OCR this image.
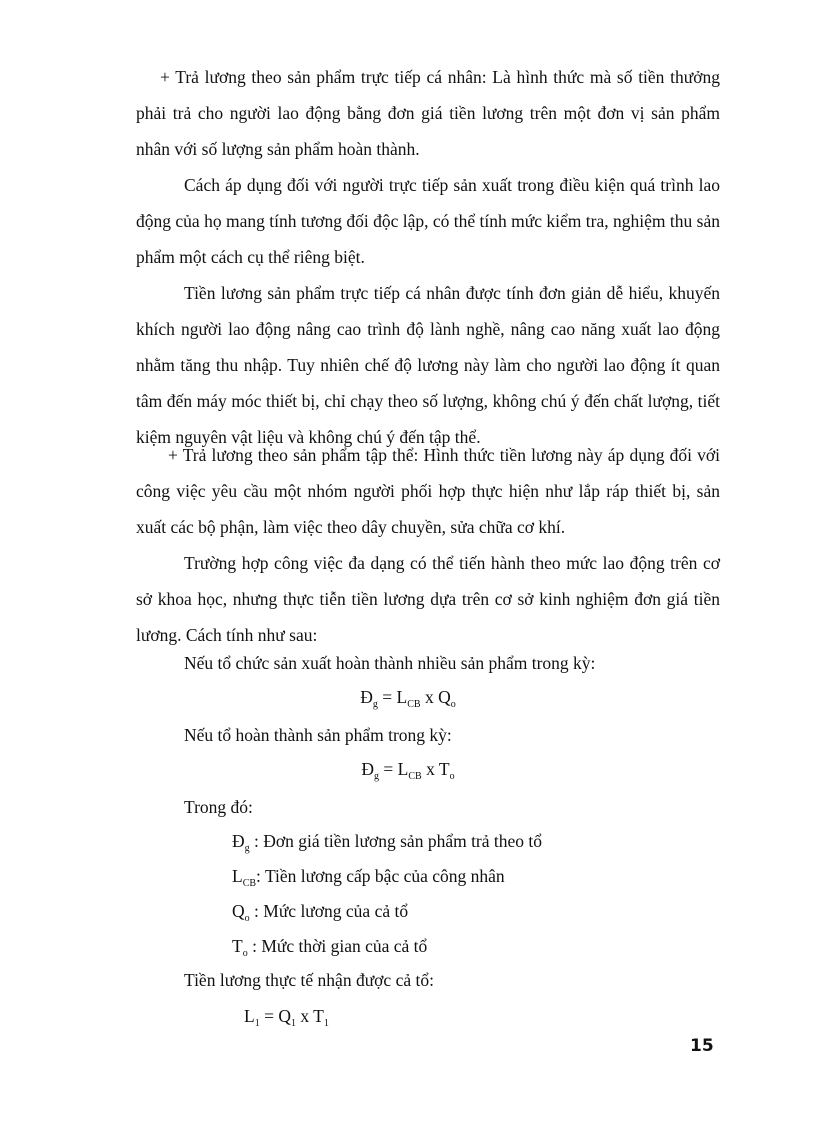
+ Trả lương theo sản phẩm trực tiếp cá nhân: Là hình thức mà số tiền thưởng phải trả cho người lao động bằng đơn giá tiền lương trên một đơn vị sản phẩm nhân với số lượng sản phẩm hoàn thành.

Cách áp dụng đối với người trực tiếp sản xuất trong điều kiện quá trình lao động của họ mang tính tương đối độc lập, có thể tính mức kiểm tra, nghiệm thu sản phẩm một cách cụ thể riêng biệt.

Tiền lương sản phẩm trực tiếp cá nhân được tính đơn giản dễ hiểu, khuyến khích người lao động nâng cao trình độ lành nghề, nâng cao năng xuất lao động nhằm tăng thu nhập. Tuy nhiên chế độ lương này làm cho người lao động ít quan tâm đến máy móc thiết bị, chỉ chạy theo số lượng, không chú ý đến chất lượng, tiết kiệm nguyên vật liệu và không chú ý đến tập thể.

+ Trả lương theo sản phẩm tập thể: Hình thức tiền lương này áp dụng đối với công việc yêu cầu một nhóm người phối hợp thực hiện như lắp ráp thiết bị, sản xuất các bộ phận, làm việc theo dây chuyền, sửa chữa cơ khí.

Trường hợp công việc đa dạng có thể tiến hành theo mức lao động trên cơ sở khoa học, nhưng thực tiễn tiền lương dựa trên cơ sở kinh nghiệm đơn giá tiền lương. Cách tính như sau:

Nếu tổ chức sản xuất hoàn thành nhiều sản phẩm trong kỳ:

$Đ_g = L_{CB}$ x $Q_o$

Nếu tổ hoàn thành sản phẩm trong kỳ:

$Đ_g = L_{CB}$ x $T_o$

Trong đó:

$Đ_g$ : Đơn giá tiền lương sản phẩm trả theo tổ

$L_{CB}$: Tiền lương cấp bậc của công nhân

$Q_o$ : Mức lương của cả tổ

$T_o$ : Mức thời gian của cả tổ

Tiền lương thực tế nhận được cả tổ:

$L_1 = Q_1$ x $T_1$

15
